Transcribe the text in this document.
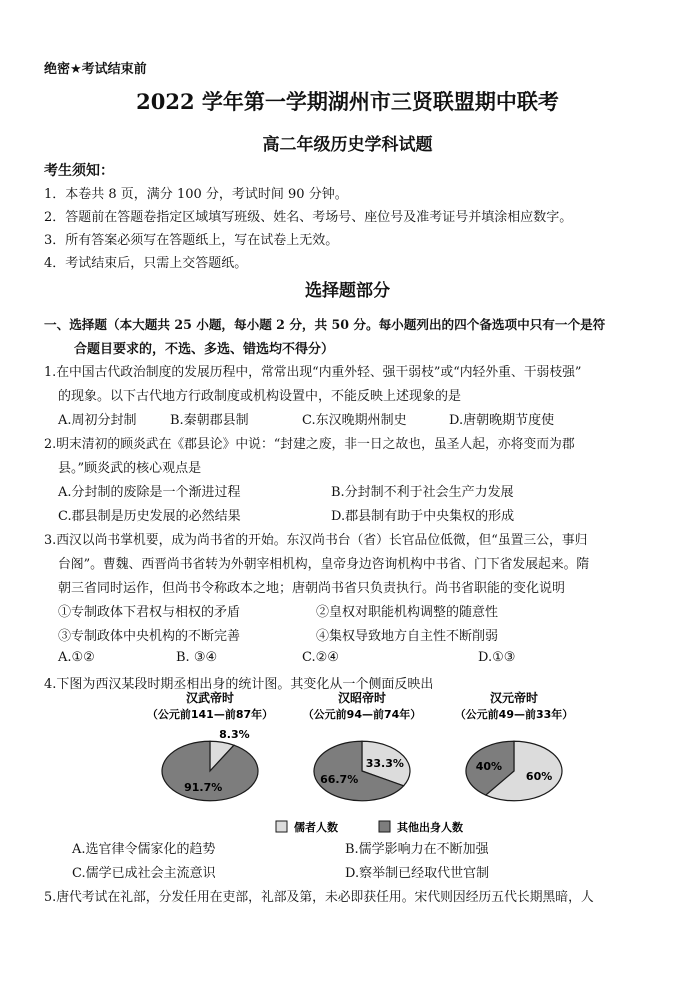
绝密★考试结束前
2022 学年第一学期湖州市三贤联盟期中联考
高二年级历史学科试题
考生须知：
1．本卷共 8 页，满分 100 分，考试时间 90 分钟。
2．答题前在答题卷指定区域填写班级、姓名、考场号、座位号及准考证号并填涂相应数字。
3．所有答案必须写在答题纸上，写在试卷上无效。
4．考试结束后，只需上交答题纸。
选择题部分
一、选择题（本大题共 25 小题，每小题 2 分，共 50 分。每小题列出的四个备选项中只有一个是符
合题目要求的，不选、多选、错选均不得分）
1.在中国古代政治制度的发展历程中，常常出现“内重外轻、强干弱枝”或“内轻外重、干弱枝强”
的现象。以下古代地方行政制度或机构设置中，不能反映上述现象的是
A.周初分封制	B.秦朝郡县制	C.东汉晚期州制史	D.唐朝晚期节度使
2.明末清初的顾炎武在《郡县论》中说：“封建之废，非一日之故也，虽圣人起，亦将变而为郡
县。”顾炎武的核心观点是
A.分封制的废除是一个渐进过程	B.分封制不利于社会生产力发展
C.郡县制是历史发展的必然结果	D.郡县制有助于中央集权的形成
3.西汉以尚书掌机要，成为尚书省的开始。东汉尚书台（省）长官品位低微，但“虽置三公，事归
台阁”。曹魏、西晋尚书省转为外朝宰相机构，皇帝身边咨询机构中书省、门下省发展起来。隋
朝三省同时运作，但尚书令称政本之地；唐朝尚书省只负责执行。尚书省职能的变化说明
①专制政体下君权与相权的矛盾	②皇权对职能机构调整的随意性
③专制政体中央机构的不断完善	④集权导致地方自主性不断削弱
A.①②	B. ③④	C.②④	D.①③
4.下图为西汉某段时期丞相出身的统计图。其变化从一个侧面反映出
儒者人数	其他出身人数
汉武帝时
（公元前141—前87年）
8.3%
91.7%
汉昭帝时
（公元前94—前74年）
33.3%
66.7%
汉元帝时
（公元前49—前33年）
60%
40%
A.选官律令儒家化的趋势	B.儒学影响力在不断加强
C.儒学已成社会主流意识	D.察举制已经取代世官制
5.唐代考试在礼部，分发任用在吏部，礼部及第，未必即获任用。宋代则因经历五代长期黑暗，人
